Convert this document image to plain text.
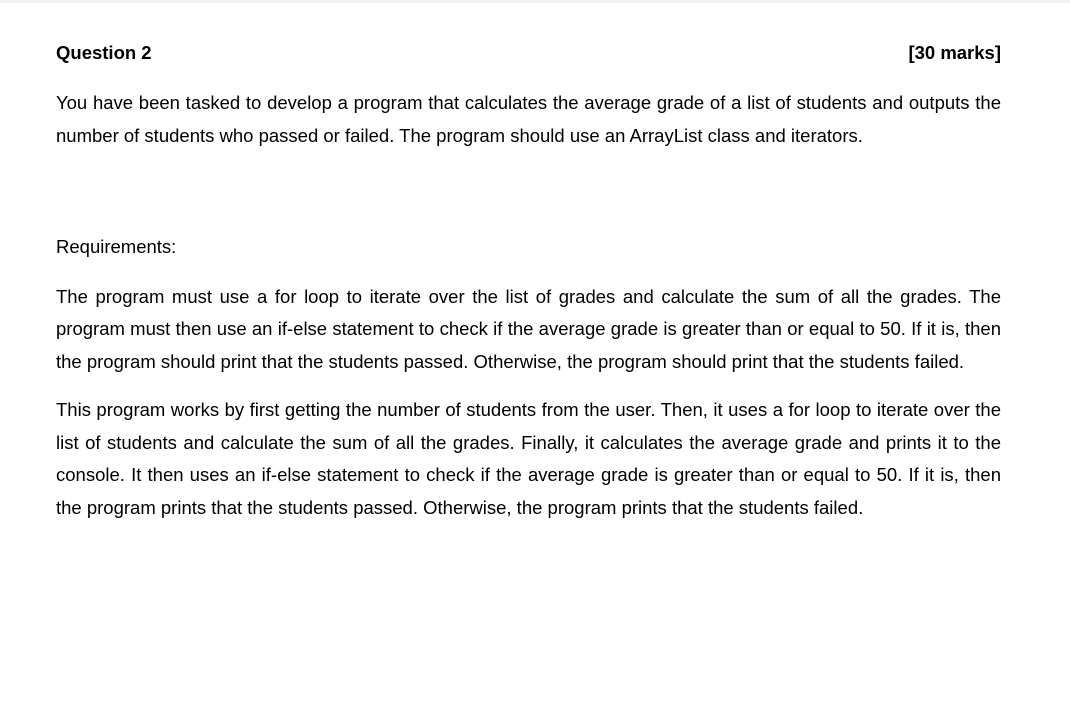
Question 2	[30 marks]

You have been tasked to develop a program that calculates the average grade of a list of students and outputs the number of students who passed or failed. The program should use an ArrayList class and iterators.

Requirements:

The program must use a for loop to iterate over the list of grades and calculate the sum of all the grades. The program must then use an if-else statement to check if the average grade is greater than or equal to 50. If it is, then the program should print that the students passed. Otherwise, the program should print that the students failed.

This program works by first getting the number of students from the user. Then, it uses a for loop to iterate over the list of students and calculate the sum of all the grades. Finally, it calculates the average grade and prints it to the console. It then uses an if-else statement to check if the average grade is greater than or equal to 50. If it is, then the program prints that the students passed. Otherwise, the program prints that the students failed.
